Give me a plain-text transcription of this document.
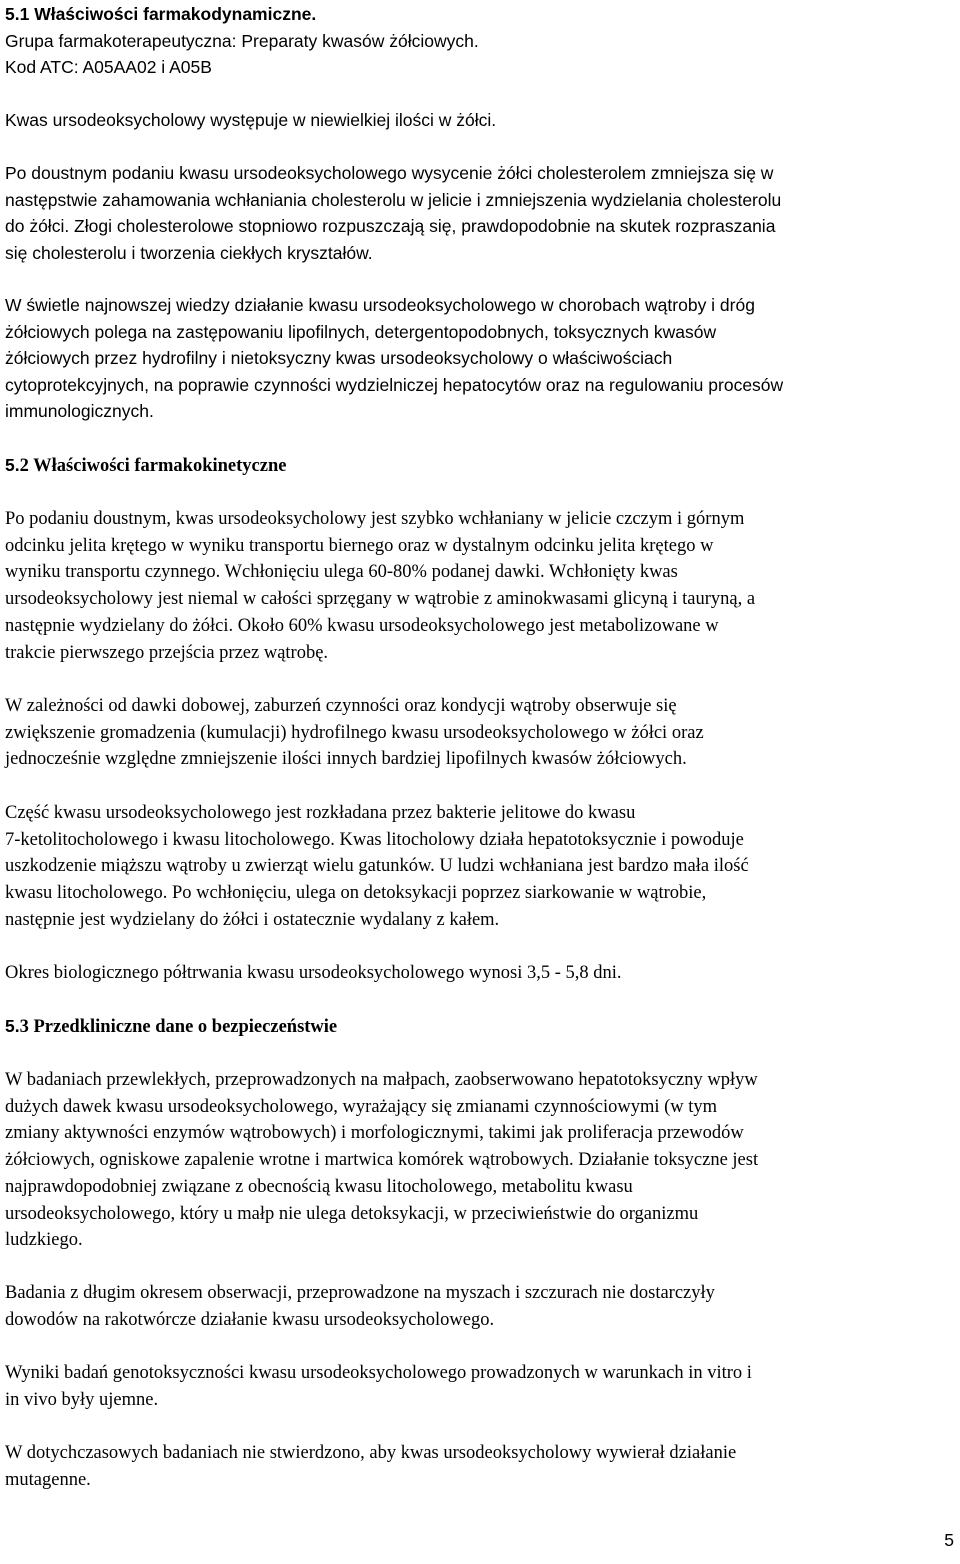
5.1 Właściwości farmakodynamiczne.
Grupa farmakoterapeutyczna: Preparaty kwasów żółciowych.
Kod ATC: A05AA02 i A05B
Kwas ursodeoksycholowy występuje w niewielkiej ilości w żółci.
Po doustnym podaniu kwasu ursodeoksycholowego wysycenie żółci cholesterolem zmniejsza się w
następstwie zahamowania wchłaniania cholesterolu w jelicie i zmniejszenia wydzielania cholesterolu
do żółci. Złogi cholesterolowe stopniowo rozpuszczają się, prawdopodobnie na skutek rozpraszania
się cholesterolu i tworzenia ciekłych kryształów.
W świetle najnowszej wiedzy działanie kwasu ursodeoksycholowego w chorobach wątroby i dróg
żółciowych polega na zastępowaniu lipofilnych, detergentopodobnych, toksycznych kwasów
żółciowych przez hydrofilny i nietoksyczny kwas ursodeoksycholowy o właściwościach
cytoprotekcyjnych, na poprawie czynności wydzielniczej hepatocytów oraz na regulowaniu procesów
immunologicznych.
5.2 Właściwości farmakokinetyczne
Po podaniu doustnym, kwas ursodeoksycholowy jest szybko wchłaniany w jelicie czczym i górnym
odcinku jelita krętego w wyniku transportu biernego oraz w dystalnym odcinku jelita krętego w
wyniku transportu czynnego. Wchłonięciu ulega 60-80% podanej dawki. Wchłonięty kwas
ursodeoksycholowy jest niemal w całości sprzęgany w wątrobie z aminokwasami glicyną i tauryną, a
następnie wydzielany do żółci. Około 60% kwasu ursodeoksycholowego jest metabolizowane w
trakcie pierwszego przejścia przez wątrobę.
W zależności od dawki dobowej, zaburzeń czynności oraz kondycji wątroby obserwuje się
zwiększenie gromadzenia (kumulacji) hydrofilnego kwasu ursodeoksycholowego w żółci oraz
jednocześnie względne zmniejszenie ilości innych bardziej lipofilnych kwasów żółciowych.
Część kwasu ursodeoksycholowego jest rozkładana przez bakterie jelitowe do kwasu
7-ketolitocholowego i kwasu litocholowego. Kwas litocholowy działa hepatotoksycznie i powoduje
uszkodzenie miąższu wątroby u zwierząt wielu gatunków. U ludzi wchłaniana jest bardzo mała ilość
kwasu litocholowego. Po wchłonięciu, ulega on detoksykacji poprzez siarkowanie w wątrobie,
następnie jest wydzielany do żółci i ostatecznie wydalany z kałem.
Okres biologicznego półtrwania kwasu ursodeoksycholowego wynosi 3,5 - 5,8 dni.
5.3 Przedkliniczne dane o bezpieczeństwie
W badaniach przewlekłych, przeprowadzonych na małpach, zaobserwowano hepatotoksyczny wpływ
dużych dawek kwasu ursodeoksycholowego, wyrażający się zmianami czynnościowymi (w tym
zmiany aktywności enzymów wątrobowych) i morfologicznymi, takimi jak proliferacja przewodów
żółciowych, ogniskowe zapalenie wrotne i martwica komórek wątrobowych. Działanie toksyczne jest
najprawdopodobniej związane z obecnością kwasu litocholowego, metabolitu kwasu
ursodeoksycholowego, który u małp nie ulega detoksykacji, w przeciwieństwie do organizmu
ludzkiego.
Badania z długim okresem obserwacji, przeprowadzone na myszach i szczurach nie dostarczyły
dowodów na rakotwórcze działanie kwasu ursodeoksycholowego.
Wyniki badań genotoksyczności kwasu ursodeoksycholowego prowadzonych w warunkach in vitro i
in vivo były ujemne.
W dotychczasowych badaniach nie stwierdzono, aby kwas ursodeoksycholowy wywierał działanie
mutagenne.
5
